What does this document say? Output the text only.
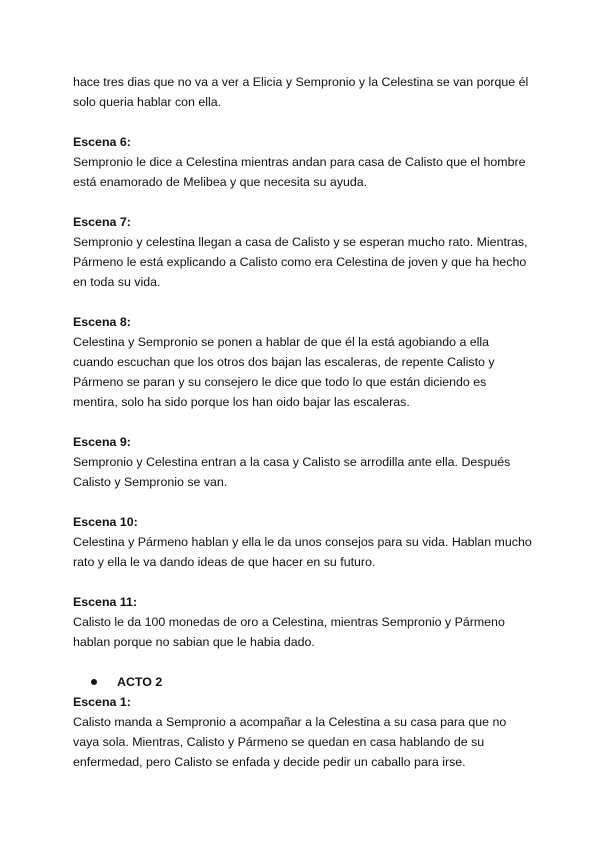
hace tres dias que no va a ver a Elicia y Sempronio y la Celestina se van porque él solo queria hablar con ella.

Escena 6:

Sempronio le dice a Celestina mientras andan para casa de Calisto que el hombre está enamorado de Melibea y que necesita su ayuda.

Escena 7:

Sempronio y celestina llegan a casa de Calisto y se esperan mucho rato. Mientras, Pármeno le está explicando a Calisto como era Celestina de joven y que ha hecho en toda su vida.

Escena 8:

Celestina y Sempronio se ponen a hablar de que él la está agobiando a ella cuando escuchan que los otros dos bajan las escaleras, de repente Calisto y Pármeno se paran y su consejero le dice que todo lo que están diciendo es mentira, solo ha sido porque los han oido bajar las escaleras.

Escena 9:

Sempronio y Celestina entran a la casa y Calisto se arrodilla ante ella. Después Calisto y Sempronio se van.

Escena 10:

Celestina y Pármeno hablan y ella le da unos consejos para su vida. Hablan mucho rato y ella le va dando ideas de que hacer en su futuro.

Escena 11:

Calisto le da 100 monedas de oro a Celestina, mientras Sempronio y Pármeno hablan porque no sabian que le habia dado.

ACTO 2

Escena 1:

Calisto manda a Sempronio a acompañar a la Celestina a su casa para que no vaya sola. Mientras, Calisto y Pármeno se quedan en casa hablando de su enfermedad, pero Calisto se enfada y decide pedir un caballo para irse.
